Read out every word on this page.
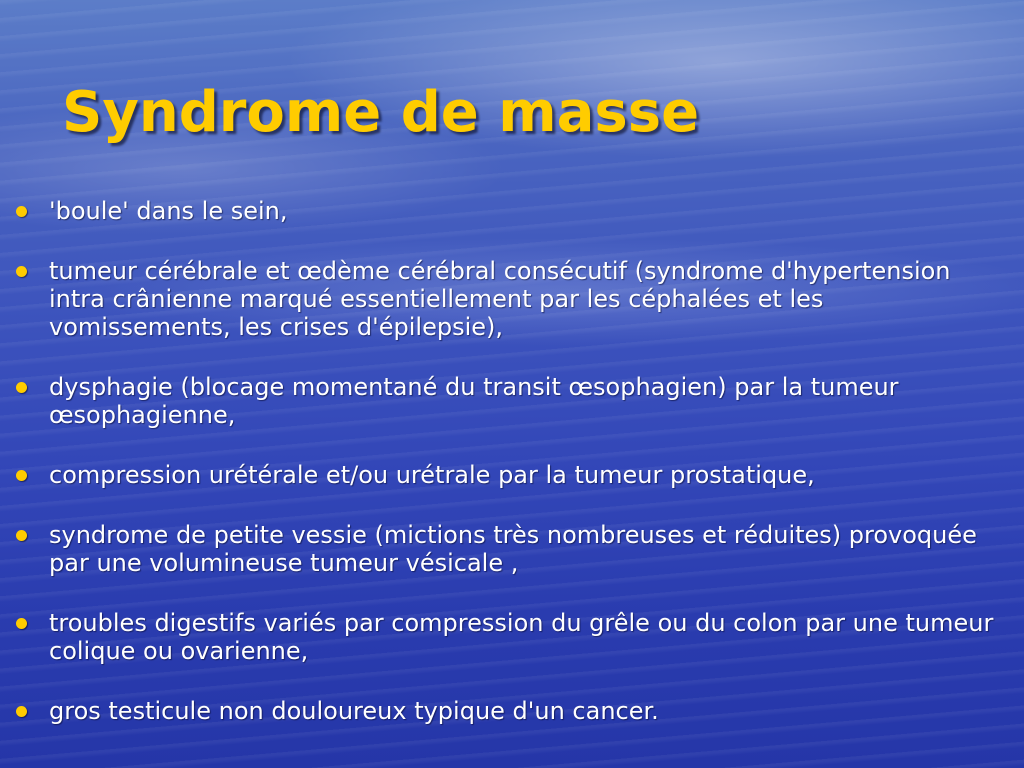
Syndrome de masse
'boule' dans le sein,
tumeur cérébrale et œdème cérébral consécutif (syndrome d'hypertension intra crânienne marqué essentiellement par les céphalées et les vomissements, les crises d'épilepsie),
dysphagie (blocage momentané du transit œsophagien) par la tumeur œsophagienne,
compression urétérale et/ou urétrale par la tumeur prostatique,
syndrome de petite vessie (mictions très nombreuses et réduites) provoquée par une volumineuse tumeur vésicale ,
troubles digestifs variés par compression du grêle ou du colon par une tumeur colique ou ovarienne,
gros testicule non douloureux typique d'un cancer.
